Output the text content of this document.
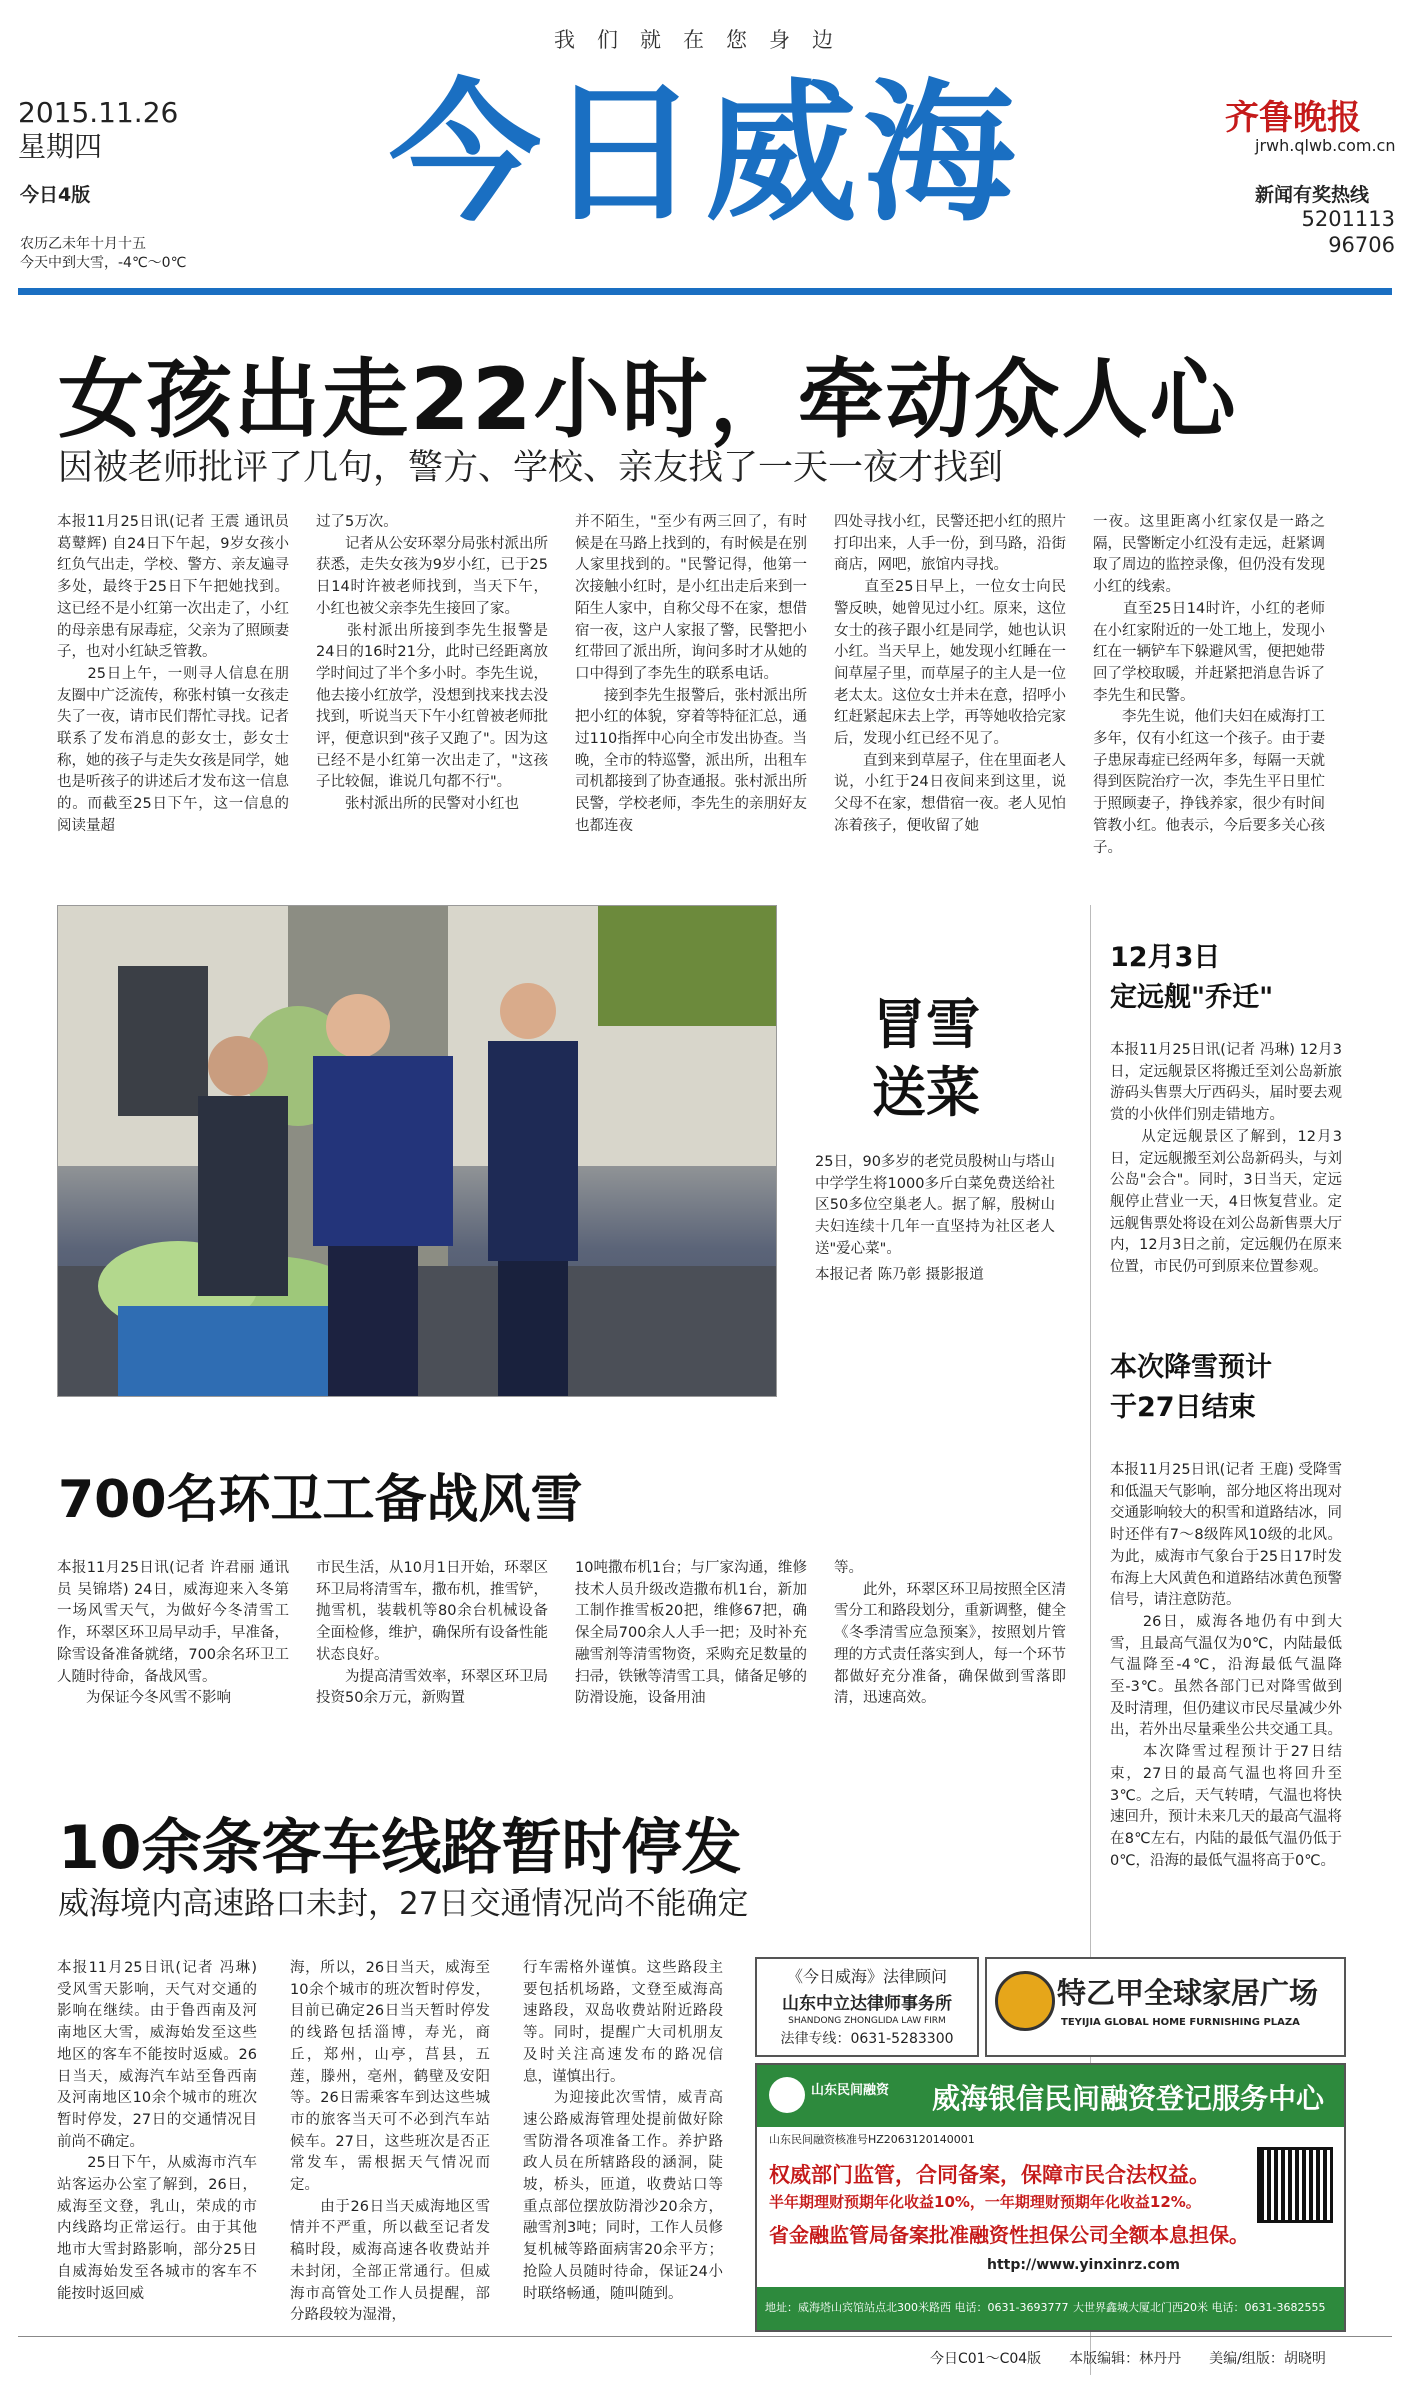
我们就在您身边
2015.11.26
星期四
今日4版
农历乙未年十月十五
今天中到大雪，-4℃～0℃
今日威海	齐鲁晚报
jrwh.qlwb.com.cn
新闻有奖热线
5201113
96706
女孩出走22小时，牵动众人心
因被老师批评了几句，警方、学校、亲友找了一天一夜才找到
本报11月25日讯(记者 王震 通讯员 葛鼙辉) 自24日下午起，9岁女孩小红负气出走，学校、警方、亲友遍寻多处，最终于25日下午把她找到。这已经不是小红第一次出走了，小红的母亲患有尿毒症，父亲为了照顾妻子，也对小红缺乏管教。
　　25日上午，一则寻人信息在朋友圈中广泛流传，称张村镇一女孩走失了一夜，请市民们帮忙寻找。记者联系了发布消息的彭女士，彭女士称，她的孩子与走失女孩是同学，她也是听孩子的讲述后才发布这一信息的。而截至25日下午，这一信息的阅读量超
过了5万次。
　　记者从公安环翠分局张村派出所获悉，走失女孩为9岁小红，已于25日14时许被老师找到，当天下午，小红也被父亲李先生接回了家。
　　张村派出所接到李先生报警是24日的16时21分，此时已经距离放学时间过了半个多小时。李先生说，他去接小红放学，没想到找来找去没找到，听说当天下午小红曾被老师批评，便意识到"孩子又跑了"。因为这已经不是小红第一次出走了，"这孩子比较倔，谁说几句都不行"。
　　张村派出所的民警对小红也
并不陌生，"至少有两三回了，有时候是在马路上找到的，有时候是在别人家里找到的。"民警记得，他第一次接触小红时，是小红出走后来到一陌生人家中，自称父母不在家，想借宿一夜，这户人家报了警，民警把小红带回了派出所，询问多时才从她的口中得到了李先生的联系电话。
　　接到李先生报警后，张村派出所把小红的体貌，穿着等特征汇总，通过110指挥中心向全市发出协查。当晚，全市的特巡警，派出所，出租车司机都接到了协查通报。张村派出所民警，学校老师，李先生的亲朋好友也都连夜
四处寻找小红，民警还把小红的照片打印出来，人手一份，到马路，沿街商店，网吧，旅馆内寻找。
　　直至25日早上，一位女士向民警反映，她曾见过小红。原来，这位女士的孩子跟小红是同学，她也认识小红。当天早上，她发现小红睡在一间草屋子里，而草屋子的主人是一位老太太。这位女士并未在意，招呼小红赶紧起床去上学，再等她收拾完家后，发现小红已经不见了。
　　直到来到草屋子，住在里面老人说，小红于24日夜间来到这里，说父母不在家，想借宿一夜。老人见怕冻着孩子，便收留了她
一夜。这里距离小红家仅是一路之隔，民警断定小红没有走远，赶紧调取了周边的监控录像，但仍没有发现小红的线索。
　　直至25日14时许，小红的老师在小红家附近的一处工地上，发现小红在一辆铲车下躲避风雪，便把她带回了学校取暖，并赶紧把消息告诉了李先生和民警。
　　李先生说，他们夫妇在威海打工多年，仅有小红这一个孩子。由于妻子患尿毒症已经两年多，每隔一天就得到医院治疗一次，李先生平日里忙于照顾妻子，挣钱养家，很少有时间管教小红。他表示，今后要多关心孩子。
冒雪
送菜
25日，90多岁的老党员殷树山与塔山中学学生将1000多斤白菜免费送给社区50多位空巢老人。据了解，殷树山夫妇连续十几年一直坚持为社区老人送"爱心菜"。
本报记者 陈乃彰 摄影报道
12月3日
定远舰"乔迁"
本报11月25日讯(记者 冯琳) 12月3日，定远舰景区将搬迁至刘公岛新旅游码头售票大厅西码头，届时要去观赏的小伙伴们别走错地方。
　　从定远舰景区了解到，12月3日，定远舰搬至刘公岛新码头，与刘公岛"会合"。同时，3日当天，定远舰停止营业一天，4日恢复营业。定远舰售票处将设在刘公岛新售票大厅内，12月3日之前，定远舰仍在原来位置，市民仍可到原来位置参观。
本次降雪预计
于27日结束
本报11月25日讯(记者 王鹿) 受降雪和低温天气影响，部分地区将出现对交通影响较大的积雪和道路结冰，同时还伴有7～8级阵风10级的北风。为此，威海市气象台于25日17时发布海上大风黄色和道路结冰黄色预警信号，请注意防范。
　　26日，威海各地仍有中到大雪，且最高气温仅为0℃，内陆最低气温降至-4℃，沿海最低气温降至-3℃。虽然各部门已对降雪做到及时清理，但仍建议市民尽量减少外出，若外出尽量乘坐公共交通工具。
　　本次降雪过程预计于27日结束，27日的最高气温也将回升至3℃。之后，天气转晴，气温也将快速回升，预计未来几天的最高气温将在8℃左右，内陆的最低气温仍低于0℃，沿海的最低气温将高于0℃。
700名环卫工备战风雪
本报11月25日讯(记者 许君丽 通讯员 吴锦塔) 24日，威海迎来入冬第一场风雪天气，为做好今冬清雪工作，环翠区环卫局早动手，早准备，除雪设备准备就绪，700余名环卫工人随时待命，备战风雪。
　　为保证今冬风雪不影响
市民生活，从10月1日开始，环翠区环卫局将清雪车，撒布机，推雪铲，抛雪机，装载机等80余台机械设备全面检修，维护，确保所有设备性能状态良好。
　　为提高清雪效率，环翠区环卫局投资50余万元，新购置
10吨撒布机1台；与厂家沟通，维修技术人员升级改造撒布机1台，新加工制作推雪板20把，维修67把，确保全局700余人人手一把；及时补充融雪剂等清雪物资，采购充足数量的扫帚，铁锹等清雪工具，储备足够的防滑设施，设备用油
等。
　　此外，环翠区环卫局按照全区清雪分工和路段划分，重新调整，健全《冬季清雪应急预案》，按照划片管理的方式责任落实到人，每一个环节都做好充分准备，确保做到雪落即清，迅速高效。
10余条客车线路暂时停发
威海境内高速路口未封，27日交通情况尚不能确定
本报11月25日讯(记者 冯琳) 受风雪天影响，天气对交通的影响在继续。由于鲁西南及河南地区大雪，威海始发至这些地区的客车不能按时返威。26日当天，威海汽车站至鲁西南及河南地区10余个城市的班次暂时停发，27日的交通情况目前尚不确定。
　　25日下午，从威海市汽车站客运办公室了解到，26日，威海至文登，乳山，荣成的市内线路均正常运行。由于其他地市大雪封路影响，部分25日自威海始发至各城市的客车不能按时返回威
海，所以，26日当天，威海至10余个城市的班次暂时停发，目前已确定26日当天暂时停发的线路包括淄博，寿光，商丘，郑州，山亭，莒县，五莲，滕州，亳州，鹤壁及安阳等。26日需乘客车到达这些城市的旅客当天可不必到汽车站候车。27日，这些班次是否正常发车，需根据天气情况而定。
　　由于26日当天威海地区雪情并不严重，所以截至记者发稿时段，威海高速各收费站并未封闭，全部正常通行。但威海市高管处工作人员提醒，部分路段较为湿滑，
行车需格外谨慎。这些路段主要包括机场路，文登至威海高速路段，双岛收费站附近路段等。同时，提醒广大司机朋友及时关注高速发布的路况信息，谨慎出行。
　　为迎接此次雪情，威青高速公路威海管理处提前做好除雪防滑各项准备工作。养护路政人员在所辖路段的涵洞，陡坡，桥头，匝道，收费站口等重点部位摆放防滑沙20余方，融雪剂3吨；同时，工作人员修复机械等路面病害20余平方；抢险人员随时待命，保证24小时联络畅通，随叫随到。
《今日威海》法律顾问
山东中立达律师事务所
SHANDONG ZHONGLIDA LAW FIRM
法律专线：0631-5283300
特乙甲全球家居广场
TEYIJIA GLOBAL HOME FURNISHING PLAZA
山东民间融资 威海银信民间融资登记服务中心
山东民间融资核准号HZ2063120140001
权威部门监管，合同备案，保障市民合法权益。
半年期理财预期年化收益10%，一年期理财预期年化收益12%。
省金融监管局备案批准融资性担保公司全额本息担保。
http://www.yinxinrz.com
地址：威海塔山宾馆站点北300米路西 电话：0631-3693777 大世界鑫城大厦北门西20米 电话：0631-3682555
今日C01～C04版　　本版编辑：林丹丹　　美编/组版：胡晓明
